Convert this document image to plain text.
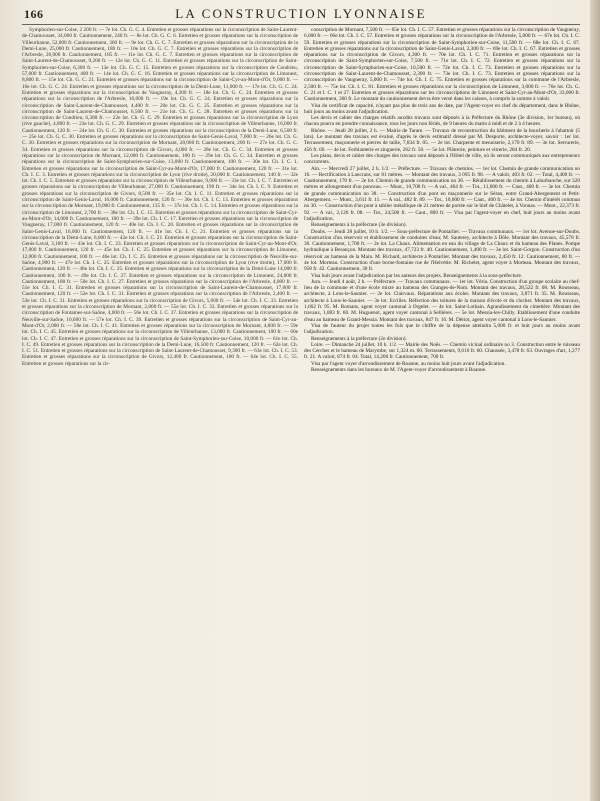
166	LA CONSTRUCTION LYONNAISE

Symphorien-sur-Coise, 2 200 fr. — 7e lot. Ch. G. C. 4. Entretien et grosses réparations sur la circonscription de Saint-Laurent-de-Chamousset, 34,000 fr. Cautionnement, 240 fr. — 8e lot. Ch. G. C. 6. Entretien et grosses réparations sur la circonscription de Villeurbanne, 52,000 fr. Cautionnement, 360 fr. — 9e lot. Ch. G. C. 7. Entretien et grosses réparations sur la circonscription de la Demi-Lune, 25,000 fr. Cautionnement, 180 fr. — 10e lot. Ch. G. C. 7. Entretien et grosses réparations sur la circonscription de l'Arbresle, 26,000 fr. Cautionnement, 185 fr. — 11e lot. Ch. G. C. 7. Entretien et grosses réparations sur la circonscription de Saint-Laurent-de-Chamousset, 9,200 fr. — 12e lot. Ch. G. C. 11. Entretien et grosses réparations sur la circonscription de Saint-Symphorien-sur-Coise, 6,300 fr. — 13e lot. Ch. G. C. 15. Entretien et grosses réparations sur la circonscription de Condrieu, 57,000 fr. Cautionnement, 400 fr. — 14e lot. Ch. G. C. 16. Entretien et grosses réparations sur la circonscription de Limonest, 8,800 fr. — 15e lot. Ch. G. C. 21. Entretien et grosses réparations sur la circonscription de Saint-Cyr-au-Mont-d'Or, 9,000 fr. — 16e lot. Ch. G. C. 24. Entretien et grosses réparations sur la circonscription de la Demi-Lune, 11,000 fr. — 17e lot. Ch. G. C. 24. Entretien et grosses réparations sur la circonscription de Vaugneray, 4,300 fr. — 18e lot. Ch. G. C. 24. Entretien et grosses réparations sur la circonscription de l'Arbresle, 16,000 fr. — 19e lot. Ch. G. C. 24. Entretien et grosses réparations sur la circonscription de Saint-Laurent-de-Chamousset, 4,400 fr. — 20e lot. Ch. G. C. 25. Entretien et grosses réparations sur la circonscription de Saint-Laurent-de-Chamousset, 6,500 fr. — 21e lot. Ch. G. C. 28. Entretien et grosses réparations sur la circonscription de Condrieu, 6,300 fr. — 22e lot. Ch. G. C. 29. Entretien et grosses réparations sur la circonscription de Lyon (rive gauche), 4,800 fr. — 23e lot. Ch. G. C. 29. Entretien et grosses réparations sur la circonscription de Villeurbanne, 16,000 fr. Cautionnement, 120 fr. — 24e lot. Ch. G. C. 30. Entretien et grosses réparations sur la circonscription de la Demi-Lune, 6,500 fr. — 25e lot. Ch. G. C. 30. Entretien et grosses réparations sur la circonscription de Saint-Genis-Laval, 7,000 fr. — 26e lot. Ch. G. C. 30. Entretien et grosses réparations sur la circonscription de Mornant, 28,000 fr. Cautionnement, 200 fr. — 27e lot. Ch. G. C. 34. Entretien et grosses réparations sur la circonscription de Givors, 4,000 fr. — 28e lot. Ch. G. C. 34. Entretien et grosses réparations sur la circonscription de Mornant, 12,000 fr. Cautionnement, 100 fr. — 29e lot. Ch. G. C. 34. Entretien et grosses réparations sur la circonscription de Saint-Symphorien-sur-Coise, 13,000 fr. Cautionnement, 100 fr. — 30e lot. Ch. I. C. 1. Entretien et grosses réparations sur la circonscription de Saint-Cyr-au-Mont-d'Or, 17,000 fr. Cautionnement, 120 fr. — 31e lot. Ch. I. C. 3. Entretien et grosses réparations sur la circonscription de Lyon (rive droite), 20,000 fr. Cautionnement, 140 fr. — 32e lot. Ch. I. C. 5. Entretien et grosses réparations sur la circonscription de Villeurbanne, 9,000 fr. — 33e lot. Ch. I. C. 7. Entretien et grosses réparations sur la circonscription de Villeurbanne, 27,000 fr. Cautionnement, 190 fr. — 34e lot. Ch. I. C. 9. Entretien et grosses réparations sur la circonscription de Givors, 8,500 fr. — 35e lot. Ch. I. C. 11. Entretien et grosses réparations sur la circonscription de Saint-Genis-Laval, 16,000 fr. Cautionnement, 120 fr. — 36e lot. Ch. I. C. 13. Entretien et grosses réparations sur la circonscription de Mornant, 19,000 fr. Cautionnement, 135 fr. — 37e lot. Ch. I. C. 14. Entretien et grosses réparations sur la circonscription de Limonest, 2,700 fr. — 38e lot. Ch. I. C. 15. Entretien et grosses réparations sur la circonscription de Saint-Cyr-au-Mont-d'Or, 14,000 fr. Cautionnement, 100 fr. — 39e lot. Ch. I. C. 17. Entretien et grosses réparations sur la circonscription de Vaugneray, 17,000 fr. Cautionnement, 120 fr. — 40e lot. Ch. I. C. 20. Entretien et grosses réparations sur la circonscription de Saint-Genis-Laval, 16,000 fr. Cautionnement, 120 fr. — 41e lot. Ch. I. C. 21. Entretien et grosses réparations sur la circonscription de la Demi-Lune, 6,000 fr. — 42e lot. Ch. I. C. 21. Entretien et grosses réparations sur la circonscription de Saint-Genis-Laval, 3,100 fr. — 43e lot. Ch. I. C. 23. Entretien et grosses réparations sur la circonscription de Saint-Cyr-au-Mont-d'Or, 17,000 fr. Cautionnement, 120 fr. — 45e lot. Ch. I. C. 25. Entretien et grosses réparations sur la circonscription de Limonest, 12,000 fr. Cautionnement, 100 fr. — 46e lot. Ch. I. C. 25. Entretien et grosses réparations sur la circonscription de Neuville-sur-Saône, 4,900 fr. — 47e lot. Ch. I. C. 25. Entretien et grosses réparations sur la circonscription de Lyon (rive droite), 17,000 fr. Cautionnement, 120 fr. — 48e lot. Ch. I. C. 25. Entretien et grosses réparations sur la circonscription de la Demi-Lune 14,000 fr. Cautionnement, 100 fr. — 49e lot. Ch. I. C. 27. Entretien et grosses réparations sur la circonscription de Limonest, 24,000 fr. Cautionnement, 180 fr. — 50e lot. Ch. I. C. 27. Entretien et grosses réparations sur la circonscription de l'Arbresle, 4,000 fr. — 51e lot. Ch. I. C. 31. Entretien et grosses réparations sur la circonscription de Saint-Laurent-de-Chamousset, 17,000 fr. Cautionnement, 120 fr. — 52e lot. Ch. I. C. 31. Entretien et grosses réparations sur la circonscription de l'Arbresle, 2,400 fr. — 53e lot. Ch. I. C. 31. Entretien et grosses réparations sur la circonscription de Givors, 5,600 fr. — 54e lot. Ch. I. C. 33. Entretien et grosses réparations sur la circonscription de Mornant, 2,800 fr. — 55e lot. Ch. I. C. 33. Entretien et grosses réparations sur la circonscription de Fontaines-sur-Saône, 4,000 fr. — 56e lot. Ch. I. C. 37. Entretien et grosses réparations sur la circonscription de Neuville-sur-Saône, 10,000 fr. — 57e lot. Ch. I. C. 39. Entretien et grosses réparations sur la circonscription de Saint-Cyr-au-Mont-d'Or, 2,000 fr. — 58e lot. Ch. I. C. 41. Entretien et grosses réparations sur la circonscription de Mornant, 4,800 fr. — 59e lot. Ch. I. C. 45. Entretien et grosses réparations sur la circonscription de Villeurbanne, 13,000 fr. Cautionnement, 100 fr. — 60e lot. Ch. I. C. 47. Entretien et grosses réparations sur la circonscription de Saint-Symphorien-sur-Coise, 10,000 fr. — 61e lot. Ch. I. C. 49. Entretien et grosses réparations sur la circonscription de la Demi-Lune, 16,500 fr. Cautionnement, 120 fr. — 62e lot. Ch. I. C. 51. Entretien et grosses réparations sur la circonscription de Saint-Laurent-de-Chamousset, 9,300 fr. — 63e lot. Ch. I. C. 53. Entretien et grosses réparations sur la circonscription de Givors, 12,400 fr. Cautionnement, 100 fr. — 64e lot. Ch. I. C. 55. Entretien et grosses réparations sur la cir-

conscription de Mornant, 7,500 fr. — 65e lot. Ch. I. C. 57. Entretien et grosses réparations sur la circonscription de Vaugneray, 6,000 fr. — 66e lot. Ch. I. C. 57. Entretien et grosses réparations sur la circonscription de l'Arbresle, 5,000 fr. — 67e lot. Ch. I. C. 59. Entretien et grosses réparations sur la circonscription de Saint-Symphorien-sur-Coise, 11,500 fr. — 68e lot. Ch. I. C. 67. Entretien et grosses réparations sur la circonscription de Saint-Genis-Laval, 2,300 fr. — 69e lot. Ch. I. C. 67. Entretien et grosses réparations sur la circonscription de Givors, 4,300 fr. — 70e lot. Ch. I. C. 71. Entretien et grosses réparations sur la circonscription de Saint-Symphorien-sur-Coise, 7,500 fr. — 71e lot. Ch. I. C. 72. Entretien et grosses réparations sur la circonscription de Saint-Symphorien-sur-Coise, 10,500 fr. — 72e lot. Ch. I. C. 73. Entretien et grosses réparations sur la circonscription de Saint-Laurent-de-Chamousset, 2,300 fr. — 73e lot. Ch. I. C. 73. Entretien et grosses réparations sur la circonscription de Vaugneray, 5,000 fr. — 74e lot. Ch. I. C. 75. Entretien et grosses réparations sur la commune de l'Arbresle, 2,500 fr. — 75e lot. Ch. I. C. 81. Entretien et grosses réparations sur la circonscription de Limonest, 3,000 fr. — 76e lot. Ch. G. C. 21 et I. C. 1 et 27. Entretien et grosses réparations sur les circonscriptions de Limonest et Saint-Cyr-au-Mont-d'Or, 33,000 fr. Cautionnement, 360 fr. Le montant du cautionnement devra être versé dans les caisses, à compris la somme à valoir.

Visa du certificat de capacité, n'ayant pas plus de trois ans de date, par l'Agent-voyer en chef du département, dans le Rhône, huit jours au moins avant l'adjudication.

Les devis et cahier des charges relatifs auxdits travaux sont déposés à la Préfecture du Rhône (3e division, 1er bureau), où chacun pourra en prendre connaissance, tous les jours non fériés, de 9 heures du matin à midi et de 2 à 4 heures.

Rhône. — Jeudi 28 juillet, 2 h. — Mairie de Tarare. — Travaux de reconstruction du bâtiment de la boucherie à l'abattoir (5 lots). Le montant des travaux est évalué, d'après le devis estimatif dressé par M. Desporte, architecte-voyer, savoir : 1er lot. Terrassement, maçonnerie et pierres de taille, 7,834 fr. 05. — 2e lot. Charpente et menuiserie, 2,170 fr. 89. — 3e lot. Serrurerie, 456 fr. 60. — 4e lot. Ferblanterie et zinguerie, 262 fr. 50. — 5e lot. Plâtrerie, peinture et vitrerie, 284 fr. 20.

Les plans, devis et cahier des charges des travaux sont déposés à l'Hôtel de ville, où ils seront communiqués aux entrepreneurs concurrents.

Ain. — Mercredi 27 juillet, 2 h. 1/2. — Préfecture. — Travaux de chemins. — 1er lot. Chemin de grande communication no 16. — Rectification à Lancrans, sur 81 mètres. — Montant des travaux, 3 095 fr. 98. — A valoir, 403 fr. 02. — Total, 4,400 fr. — Cautionnement, 170 fr. — 2e lot. Chemin de grande communication no 36. — Rétablissement du chemin à Lahurbanche, sur 320 mètres et allongement d'un ponceau. — Mont., 10,708 fr. — A val., 404 fr. — Tot., 11,000 fr. — Caut., 400 fr. — 3e lot. Chemin de grande communication no 38. — Construction d'un pont en maçonnerie sur le Séran, entre Grand-Abergement et Petit-Abergement. — Mont., 3,611 fr. 11. — A val., 482 fr. 89. — Tot., 10,000 fr. — Caut., 400 fr. — 4e lot. Chemin d'intérêt commun no 30. — Construction d'un pont à tablier métallique de 21 mètres de portée sur le bief de Châtelet, à Vonnas. — Mont., 22,373 fr. 92. — A val., 2,126 fr. 08. — Tot., 24,500 fr. — Caut., 800 fr. — Visa par l'agent-voyer en chef, huit jours au moins avant l'adjudication.

Renseignements à la préfecture (3e division).

Doubs. — Jeudi 28 juillet, 10 h. 1/2. — Sous-préfecture de Pontarlier. — Travaux communaux. — 1er lot. Avenue-sur-Doubs. Construction d'un réservoir et établissement de conduites d'eau; M. Sauterey, architecte à Dôle. Montant des travaux, 45,578 fr. 30. Cautionnement, 1,700 fr. — 2e lot. La Chaux. Alimentation en eau du village de La Chaux et du hameau des Planes. Pompe hydraulique à Besançon. Montant des travaux, 47,723 fr. 40. Cautionnement, 1,400 fr. — 3e lot. Saint-Gorgon. Construction d'un réservoir au hameau de la Main. M. Richard, architecte à Pontarlier. Montant des travaux, 2,450 fr. 12. Cautionnement, 80 fr. — 4e lot. Morteau. Construction d'une borne-fontaine rue de l'Helvétie. M. Richelet, agent voyer à Morteau. Montant des travaux, 958 fr. 42. Cautionnement, 30 fr.

Visa huit jours avant l'adjudication par les auteurs des projets. Renseignements à la sous-préfecture.

Jura. — Jeudi 4 août, 2 h. — Préfecture. — Travaux communaux. — 1er lot. Véria. Construction d'un groupe scolaire au chef-lieu de la commune et d'une école mixte au hameau des Granges-de-Nom. Montant des travaux, 28,522 fr. 08. M. Rousseau, architecte, à Lons-le-Saunier. — 2e lot. Clairvaux. Réparations aux écoles. Montant des travaux, 3,871 fr. 35. M. Rousseau, architecte à Lons-le-Saunier. — 3e lot. Ecrilles. Réfection des toitures de la maison d'école et du clocher. Montant des travaux, 1,662 fr. 95. M. Romans, agent voyer cantonal à Orgelet. — 4e lot. Saint-Lothain. Agrandissement du cimetière. Montant des travaux, 1,083 fr. 60. M. Huguenot, agent voyer cantonal à Sellières. — 5e lot. Messia-les-Chilly. Etablissement d'une conduite d'eau au hameau de Grand-Messia. Montant des travaux, 847 fr. 16. M. Dériot, agent voyer cantonal à Lons-le-Saunier.

Visa de l'auteur du projet toutes les fois que le chiffre de la dépense atteindra 5,000 fr. et huit jours au moins avant l'adjudication.

Renseignements à la préfecture (2e division).

Loire. — Dimanche 24 juillet, 10 h. 1/2. — Mairie des Noës. — Chemin vicinal ordinaire no 3. Construction entre le ruisseau des Cerches et le hameau de Marymbe, sur 1,324 m. 60. Terrassements, 9,610 fr. 60. Chaussée, 3,478 fr. 63. Ouvrages d'art, 1,277 fr. 21. A valoir, 874 fr. 04. Total, 14,200 fr. Cautionnement, 700 fr.

Visa par l'agent voyer d'arrondissement de Roanne, au moins huit jours avant l'adjudication.

Renseignements dans les bureaux de M. l'Agent-voyer d'arrondissement à Roanne.
